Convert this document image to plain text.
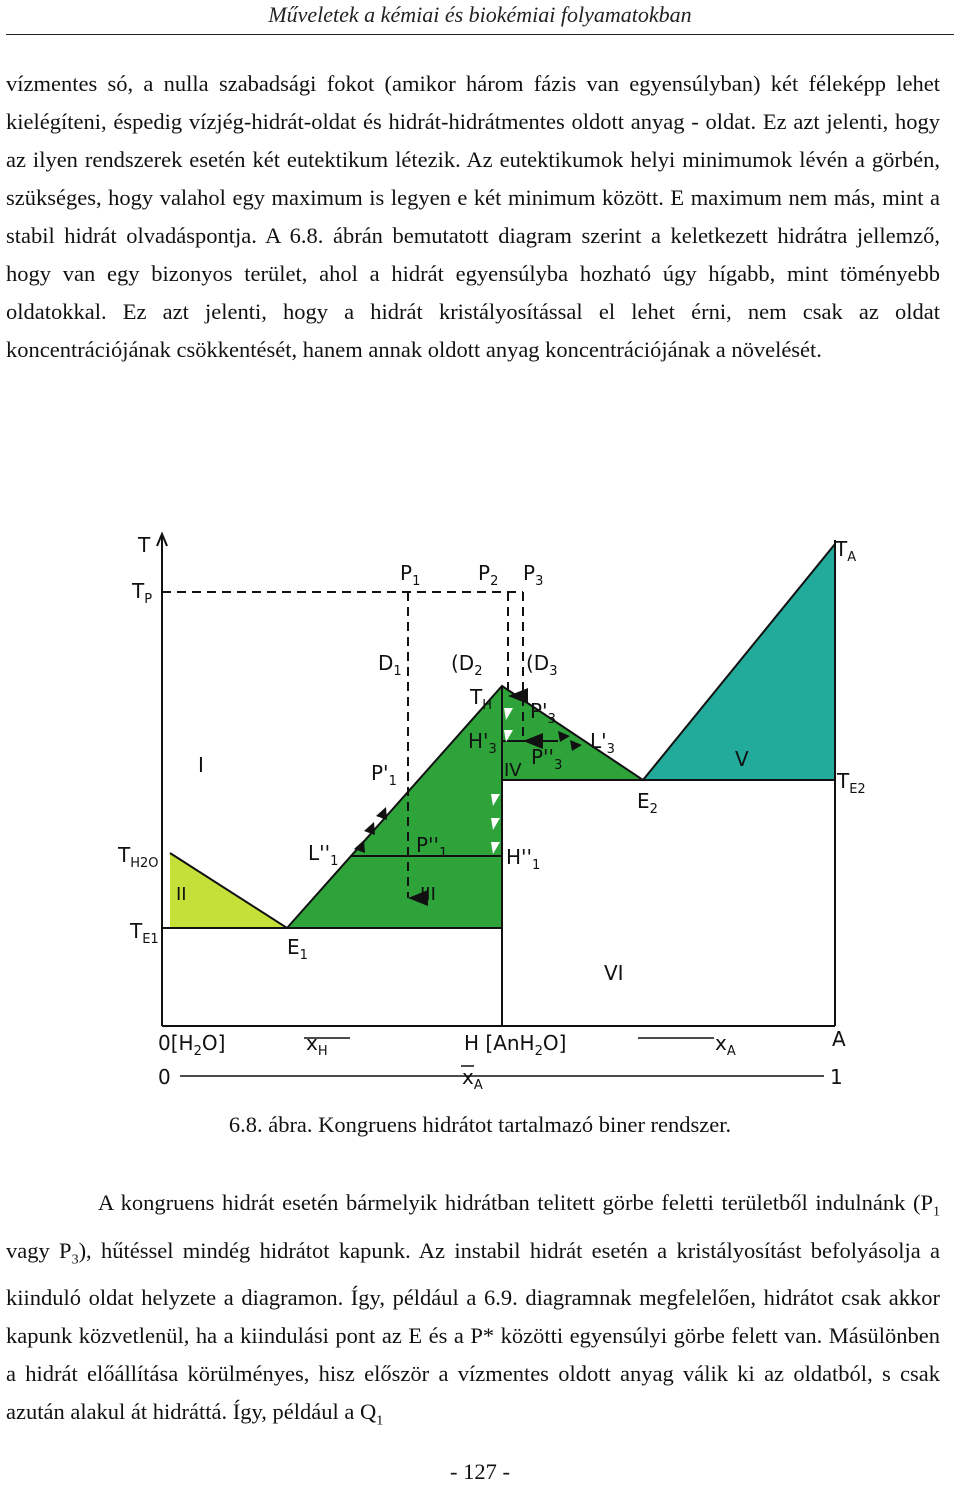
Műveletek a kémiai és biokémiai folyamatokban
vízmentes só, a nulla szabadsági fokot (amikor három fázis van egyensúlyban) két féleképp lehet kielégíteni, éspedig vízjég-hidrát-oldat és hidrát-hidrátmentes oldott anyag - oldat. Ez azt jelenti, hogy az ilyen rendszerek esetén két eutektikum létezik. Az eutektikumok helyi minimumok lévén a görbén, szükséges, hogy valahol egy maximum is legyen e két minimum között. E maximum nem más, mint a stabil hidrát olvadáspontja. A 6.8. ábrán bemutatott diagram szerint a keletkezett hidrátra jellemző, hogy van egy bizonyos terület, ahol a hidrát egyensúlyba hozható úgy hígabb, mint töményebb oldatokkal. Ez azt jelenti, hogy a hidrát kristályosítással el lehet érni, nem csak az oldat koncentrációjának csökkentését, hanem annak oldott anyag koncentrációjának a növelését.
T
$T_P$
$P_1$	$P_2$ $P_3$
$D_1$ ($D_2$ ($D_3$
$T_H$
$T_A$
$T_{E2}$
$E_2$
$T_{H2O}$
$T_{E1}$	$E_1$
$P'_3$
$H'_3$	$L'_3$
$P''_3$
$P'_1$
$L''_1$
$P''_1$	$H''_1$
I
II	III
IV	V
VI
$0[H_2O]$	$x_H$	H [AnH$_2$O]	$x_A$
A
0	$x_A$	1
6.8. ábra. Kongruens hidrátot tartalmazó biner rendszer.
A kongruens hidrát esetén bármelyik hidrátban telitett görbe feletti területből indulnánk ($P_1$ vagy $P_3$), hűtéssel mindég hidrátot kapunk. Az instabil hidrát esetén a kristályosítást befolyásolja a kiinduló oldat helyzete a diagramon. Így, például a 6.9. diagramnak megfelelően, hidrátot csak akkor kapunk közvetlenül, ha a kiindulási pont az E és a P* közötti egyensúlyi görbe felett van. Másülönben a hidrát előállítása körülményes, hisz először a vízmentes oldott anyag válik ki az oldatból, s csak azután alakul át hidráttá. Így, például a $Q_1$
- 127 -
